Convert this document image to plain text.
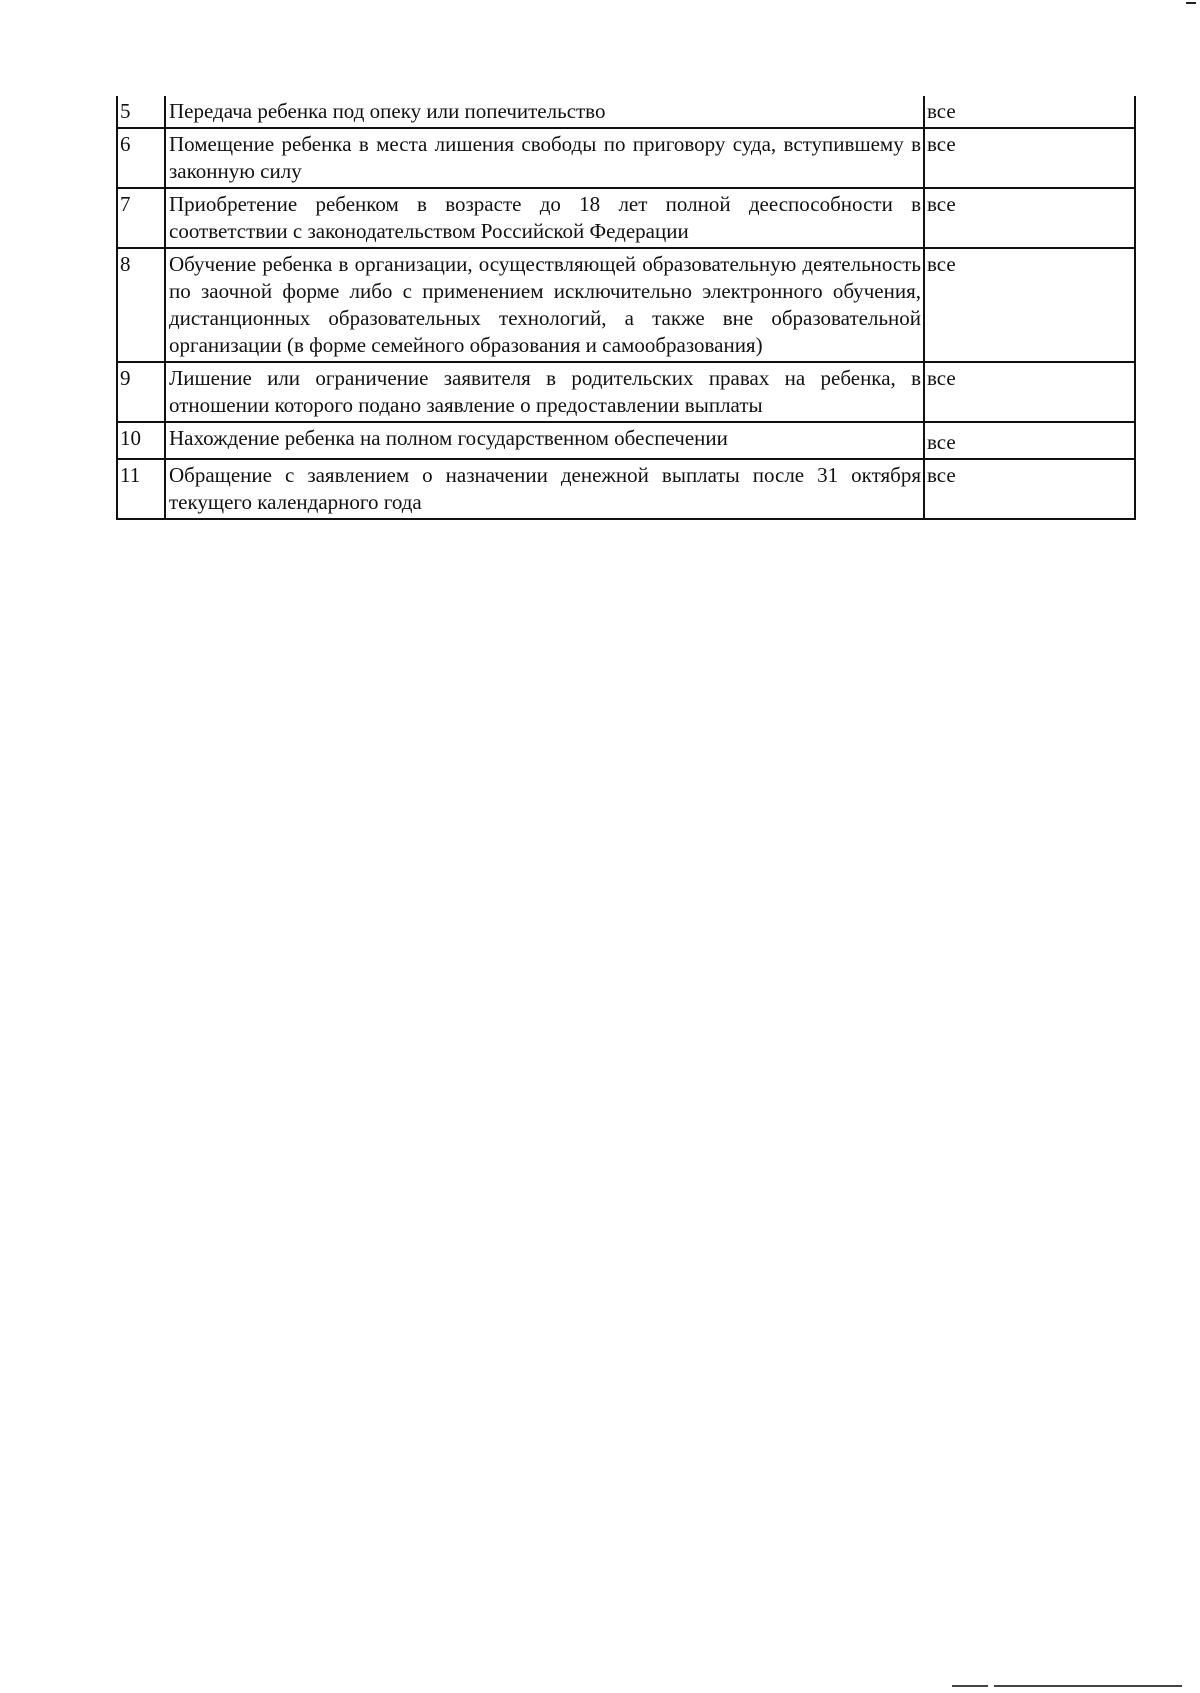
5	Передача ребенка под опеку или попечительство	все
6	Помещение ребенка в места лишения свободы по приговору суда, вступившему в законную силу	все
7	Приобретение ребенком в возрасте до 18 лет полной дееспособности в соответствии с законодательством Российской Федерации	все
8	Обучение ребенка в организации, осуществляющей образовательную деятельность по заочной форме либо с применением исключительно электронного обучения, дистанционных образовательных технологий, а также вне образовательной организации (в форме семейного образования и самообразования)	все
9	Лишение или ограничение заявителя в родительских правах на ребенка, в отношении которого подано заявление о предоставлении выплаты	все
10	Нахождение ребенка на полном государственном обеспечении	все
11	Обращение с заявлением о назначении денежной выплаты после 31 октября текущего календарного года	все
